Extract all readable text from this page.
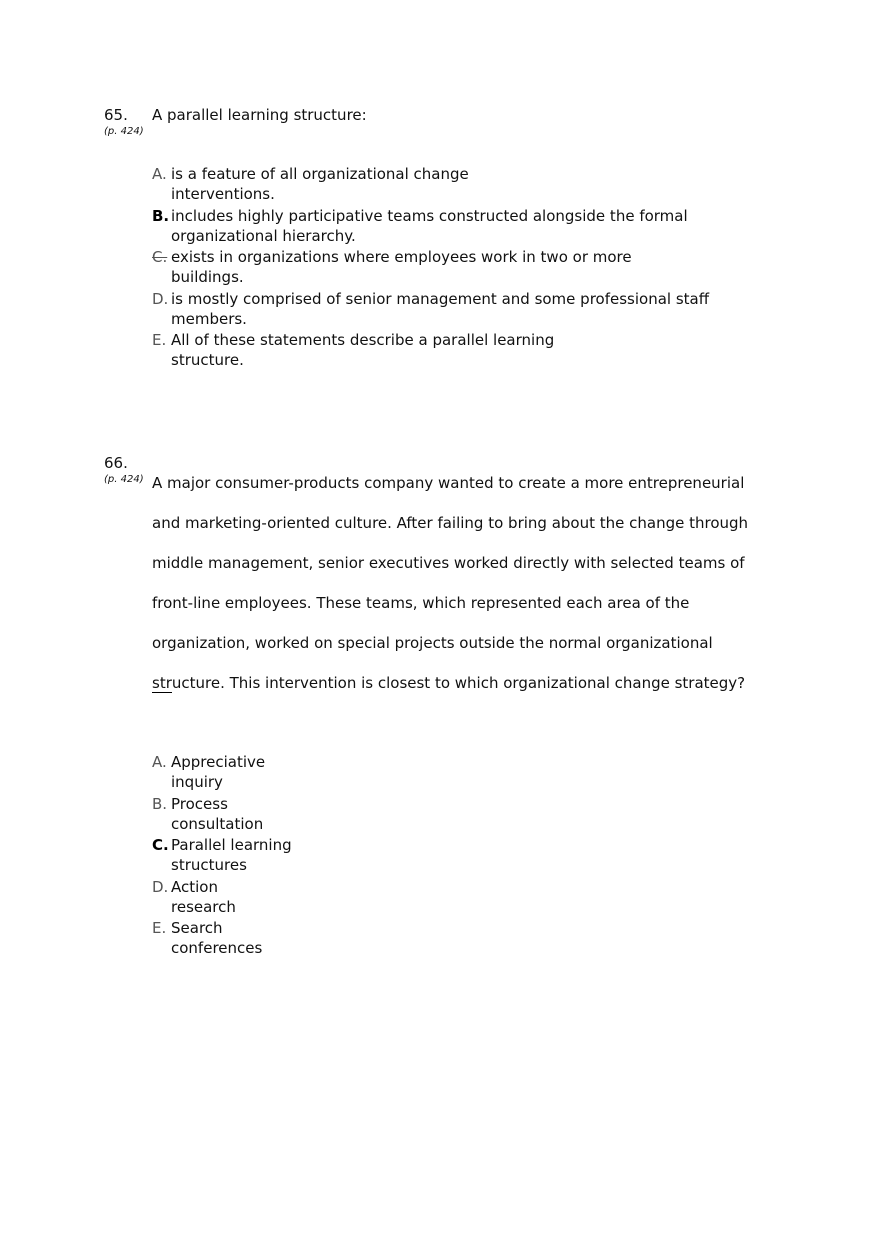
65.
(p. 424)
A parallel learning structure:
A. is a feature of all organizational change
interventions.
B. includes highly participative teams constructed alongside the formal
organizational hierarchy.
C. exists in organizations where employees work in two or more
buildings.
D. is mostly comprised of senior management and some professional staff
members.
E. All of these statements describe a parallel learning
structure.
66.
(p. 424) A major consumer-products company wanted to create a more entrepreneurial

and marketing-oriented culture. After failing to bring about the change through

middle management, senior executives worked directly with selected teams of

front-line employees. These teams, which represented each area of the

organization, worked on special projects outside the normal organizational

structure. This intervention is closest to which organizational change strategy?

A. Appreciative
inquiry
B. Process
consultation
C. Parallel learning
structures
D. Action
research
E. Search
conferences
